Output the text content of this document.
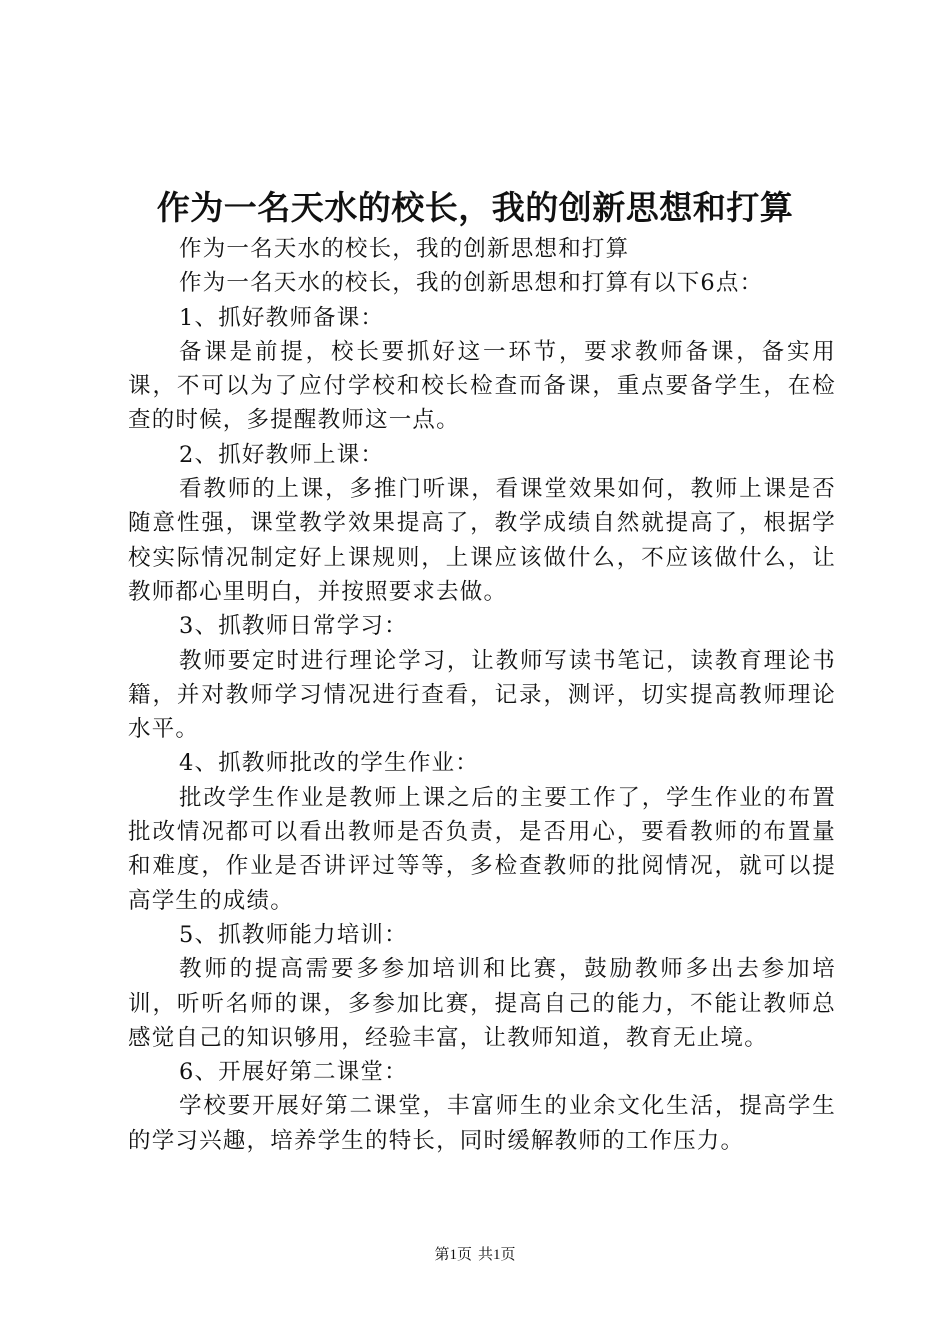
作为一名天水的校长，我的创新思想和打算

作为一名天水的校长，我的创新思想和打算

作为一名天水的校长，我的创新思想和打算有以下6点：

1、抓好教师备课：

备课是前提，校长要抓好这一环节，要求教师备课，备实用课，不可以为了应付学校和校长检查而备课，重点要备学生，在检查的时候，多提醒教师这一点。

2、抓好教师上课：

看教师的上课，多推门听课，看课堂效果如何，教师上课是否随意性强，课堂教学效果提高了，教学成绩自然就提高了，根据学校实际情况制定好上课规则，上课应该做什么，不应该做什么，让教师都心里明白，并按照要求去做。

3、抓教师日常学习：

教师要定时进行理论学习，让教师写读书笔记，读教育理论书籍，并对教师学习情况进行查看，记录，测评，切实提高教师理论水平。

4、抓教师批改的学生作业：

批改学生作业是教师上课之后的主要工作了，学生作业的布置批改情况都可以看出教师是否负责，是否用心，要看教师的布置量和难度，作业是否讲评过等等，多检查教师的批阅情况，就可以提高学生的成绩。

5、抓教师能力培训：

教师的提高需要多参加培训和比赛，鼓励教师多出去参加培训，听听名师的课，多参加比赛，提高自己的能力，不能让教师总感觉自己的知识够用，经验丰富，让教师知道，教育无止境。

6、开展好第二课堂：

学校要开展好第二课堂，丰富师生的业余文化生活，提高学生的学习兴趣，培养学生的特长，同时缓解教师的工作压力。

第1页 共1页
